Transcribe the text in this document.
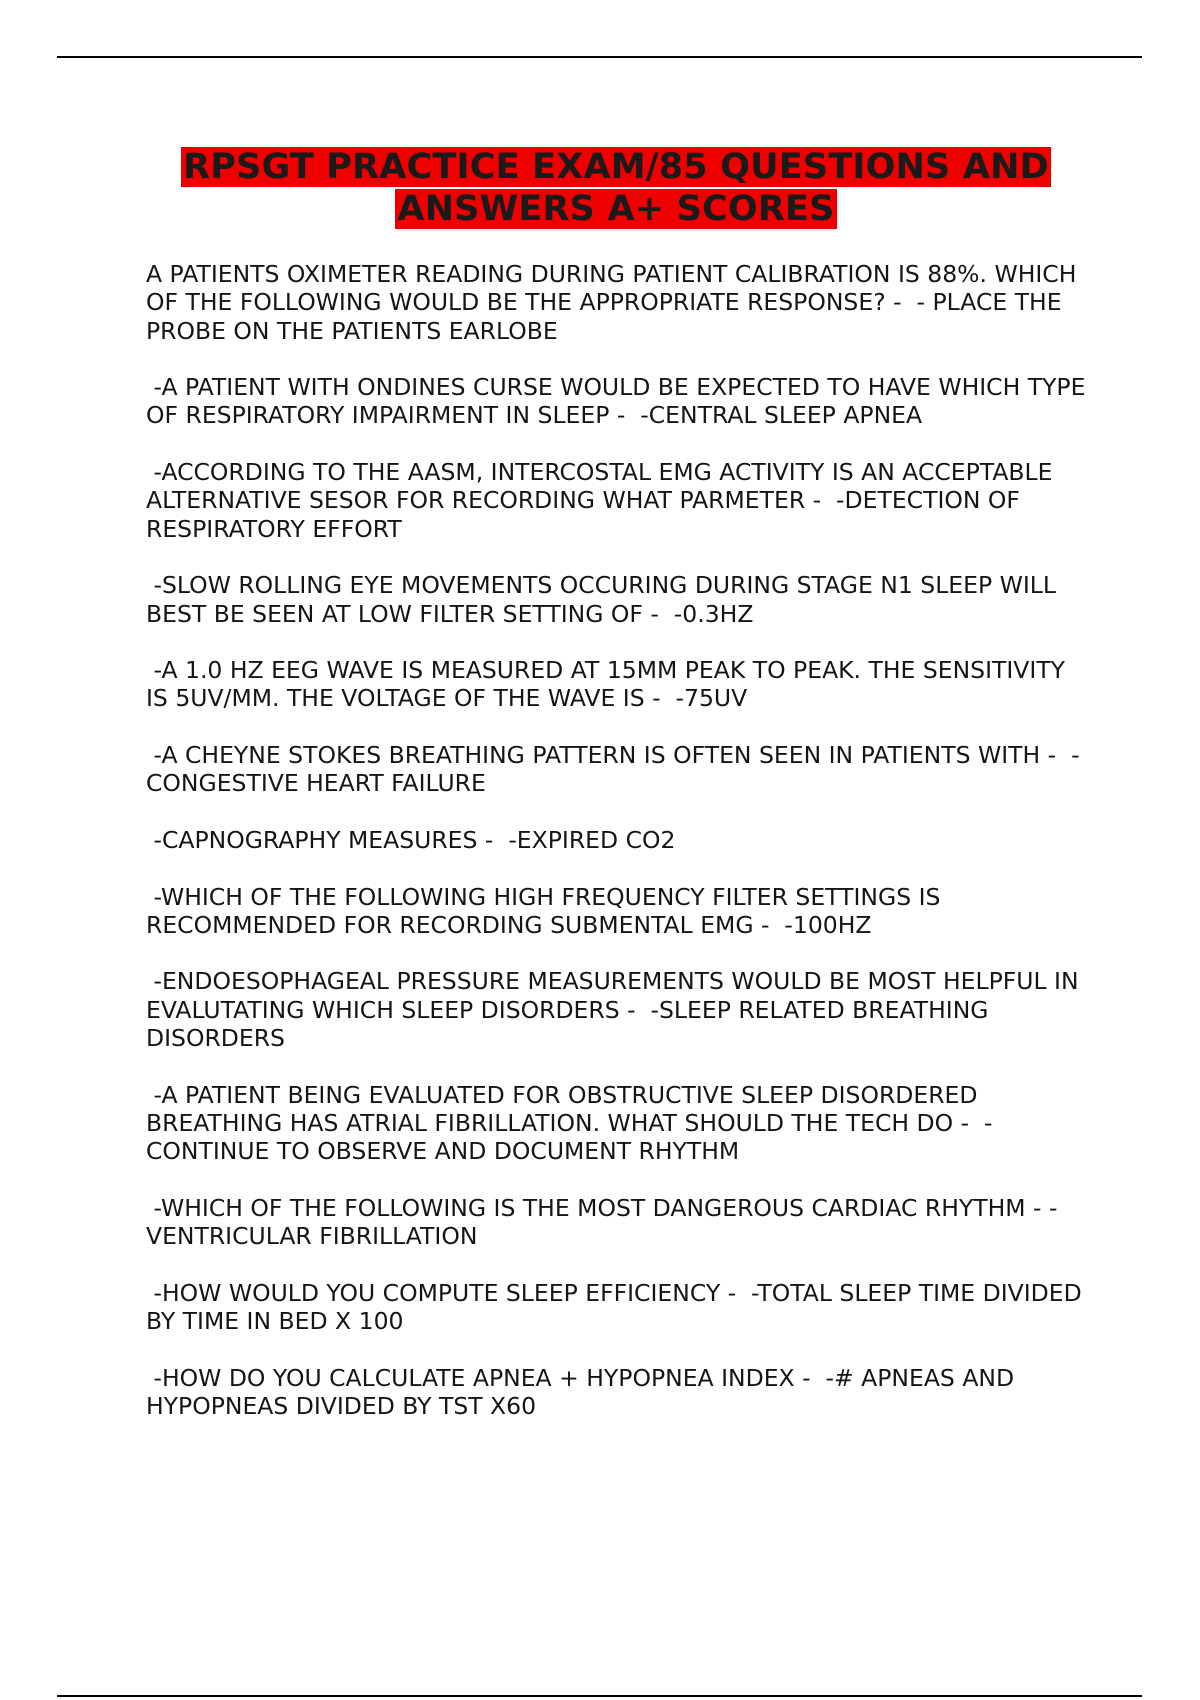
RPSGT PRACTICE EXAM/85 QUESTIONS AND ANSWERS A+ SCORES
A PATIENTS OXIMETER READING DURING PATIENT CALIBRATION IS 88%. WHICH OF THE FOLLOWING WOULD BE THE APPROPRIATE RESPONSE? -  - PLACE THE PROBE ON THE PATIENTS EARLOBE
-A PATIENT WITH ONDINES CURSE WOULD BE EXPECTED TO HAVE WHICH TYPE OF RESPIRATORY IMPAIRMENT IN SLEEP -  -CENTRAL SLEEP APNEA
-ACCORDING TO THE AASM, INTERCOSTAL EMG ACTIVITY IS AN ACCEPTABLE ALTERNATIVE SESOR FOR RECORDING WHAT PARMETER -  -DETECTION OF RESPIRATORY EFFORT
-SLOW ROLLING EYE MOVEMENTS OCCURING DURING STAGE N1 SLEEP WILL BEST BE SEEN AT LOW FILTER SETTING OF -  -0.3HZ
-A 1.0 HZ EEG WAVE IS MEASURED AT 15MM PEAK TO PEAK. THE SENSITIVITY IS 5UV/MM. THE VOLTAGE OF THE WAVE IS -  -75UV
-A CHEYNE STOKES BREATHING PATTERN IS OFTEN SEEN IN PATIENTS WITH -  -CONGESTIVE HEART FAILURE
-CAPNOGRAPHY MEASURES -  -EXPIRED CO2
-WHICH OF THE FOLLOWING HIGH FREQUENCY FILTER SETTINGS IS RECOMMENDED FOR RECORDING SUBMENTAL EMG -  -100HZ
-ENDOESOPHAGEAL PRESSURE MEASUREMENTS WOULD BE MOST HELPFUL IN EVALUTATING WHICH SLEEP DISORDERS -  -SLEEP RELATED BREATHING DISORDERS
-A PATIENT BEING EVALUATED FOR OBSTRUCTIVE SLEEP DISORDERED BREATHING HAS ATRIAL FIBRILLATION. WHAT SHOULD THE TECH DO -  - CONTINUE TO OBSERVE AND DOCUMENT RHYTHM
-WHICH OF THE FOLLOWING IS THE MOST DANGEROUS CARDIAC RHYTHM - -VENTRICULAR FIBRILLATION
-HOW WOULD YOU COMPUTE SLEEP EFFICIENCY -  -TOTAL SLEEP TIME DIVIDED BY TIME IN BED X 100
-HOW DO YOU CALCULATE APNEA + HYPOPNEA INDEX -  -# APNEAS AND HYPOPNEAS DIVIDED BY TST X60
